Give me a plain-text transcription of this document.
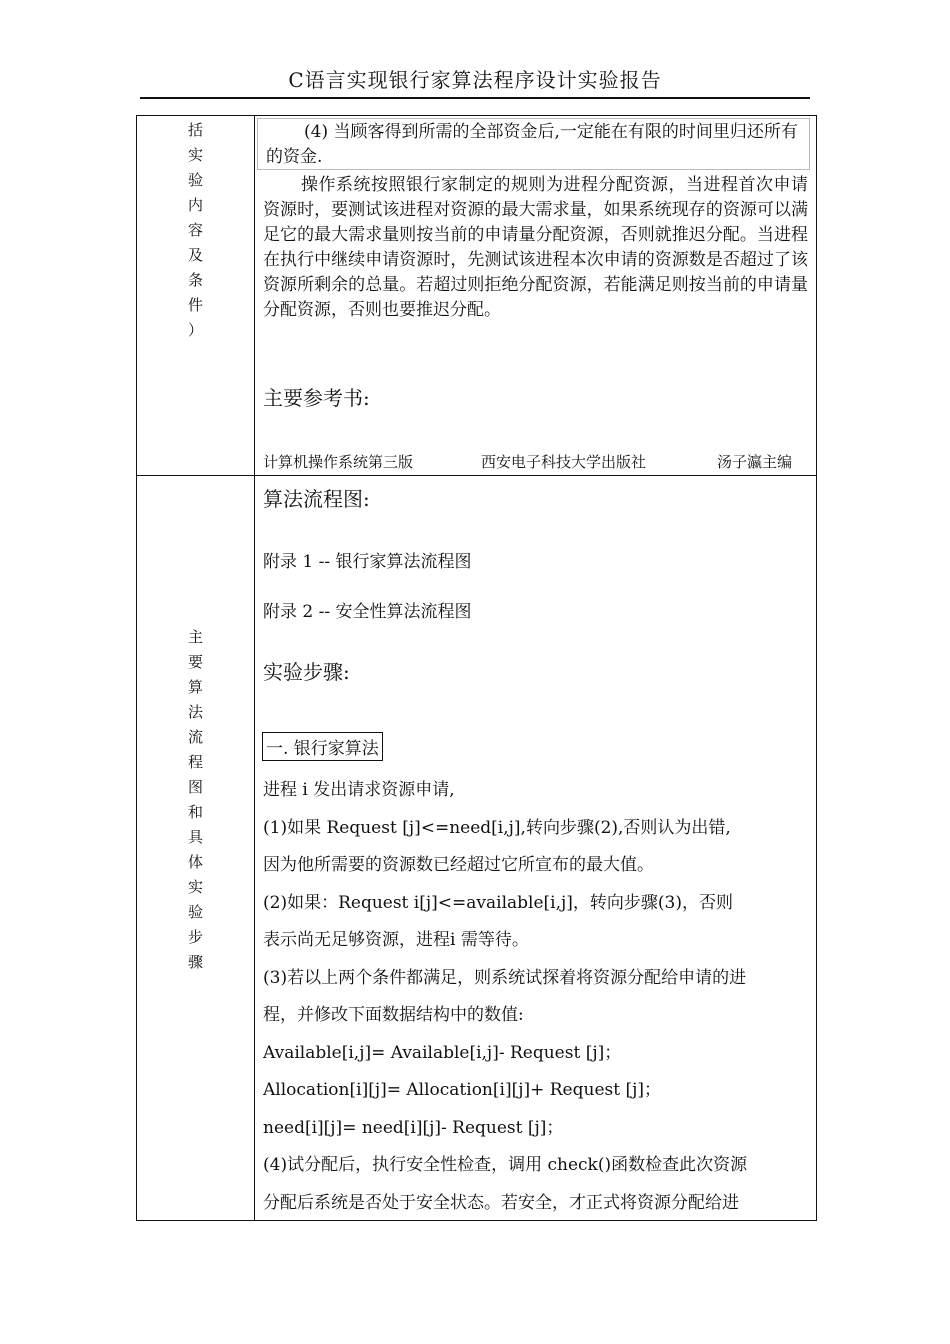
C语言实现银行家算法程序设计实验报告
括
实
验
内
容
及
条
件
）
(4) 当顾客得到所需的全部资金后,一定能在有限的时间里归还所有的资金.
操作系统按照银行家制定的规则为进程分配资源，当进程首次申请资源时，要测试该进程对资源的最大需求量，如果系统现存的资源可以满足它的最大需求量则按当前的申请量分配资源，否则就推迟分配。当进程在执行中继续申请资源时，先测试该进程本次申请的资源数是否超过了该资源所剩余的总量。若超过则拒绝分配资源，若能满足则按当前的申请量分配资源，否则也要推迟分配。
主要参考书:
计算机操作系统第三版	西安电子科技大学出版社	汤子瀛主编
主
要
算
法
流
程
图
和
具
体
实
验
步
骤
算法流程图:
附录 1 -- 银行家算法流程图
附录 2 -- 安全性算法流程图
实验步骤:
一. 银行家算法
进程 i 发出请求资源申请,
(1)如果 Request [j]<=need[i,j],转向步骤(2),否则认为出错,
因为他所需要的资源数已经超过它所宣布的最大值。
(2)如果：Request i[j]<=available[i,j]，转向步骤(3)，否则
表示尚无足够资源，进程i 需等待。
(3)若以上两个条件都满足，则系统试探着将资源分配给申请的进
程，并修改下面数据结构中的数值:
Available[i,j]= Available[i,j]- Request [j]；
Allocation[i][j]= Allocation[i][j]+ Request [j]；
need[i][j]= need[i][j]- Request [j]；
(4)试分配后，执行安全性检查，调用 check()函数检查此次资源
分配后系统是否处于安全状态。若安全，才正式将资源分配给进
